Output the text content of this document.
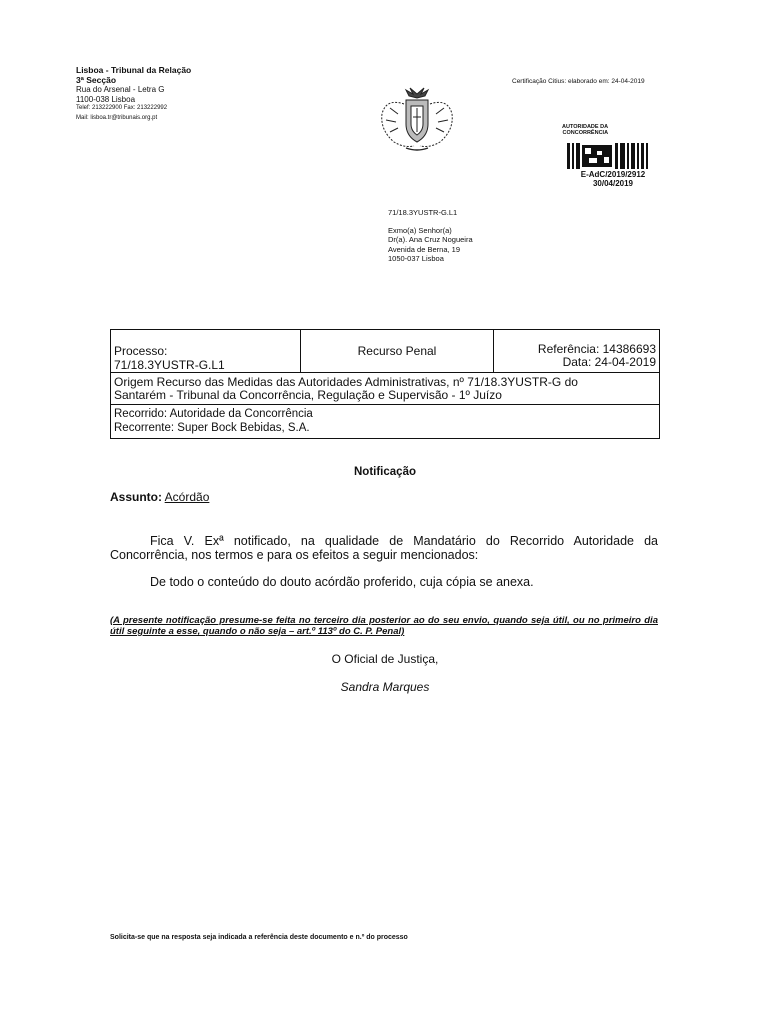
Lisboa - Tribunal da Relação
3ª Secção
Rua do Arsenal - Letra G
1100-038 Lisboa
Telef: 213222900 Fax: 213222992
Mail: lisboa.tr@tribunais.org.pt
Certificação Citius: elaborado em: 24-04-2019
AUTORIDADE DA
CONCORRÊNCIA
E-AdC/2019/2912
30/04/2019
71/18.3YUSTR-G.L1
Exmo(a) Senhor(a)
Dr(a). Ana Cruz Nogueira
Avenida de Berna, 19
1050-037 Lisboa
Processo:
71/18.3YUSTR-G.L1
Recurso Penal	Referência: 14386693
Data: 24-04-2019
Origem Recurso das Medidas das Autoridades Administrativas, nº 71/18.3YUSTR-G do
Santarém - Tribunal da Concorrência, Regulação e Supervisão - 1º Juízo
Recorrido: Autoridade da Concorrência
Recorrente: Super Bock Bebidas, S.A.
Notificação
Assunto: Acórdão
Fica V. Exª notificado, na qualidade de Mandatário do Recorrido Autoridade da Concorrência, nos termos e para os efeitos a seguir mencionados:
De todo o conteúdo do douto acórdão proferido, cuja cópia se anexa.
(A presente notificação presume-se feita no terceiro dia posterior ao do seu envio, quando seja útil, ou no primeiro dia útil seguinte a esse, quando o não seja – art.º 113º do C. P. Penal)
O Oficial de Justiça,
Sandra Marques
Solicita-se que na resposta seja indicada a referência deste documento e n.º do processo
